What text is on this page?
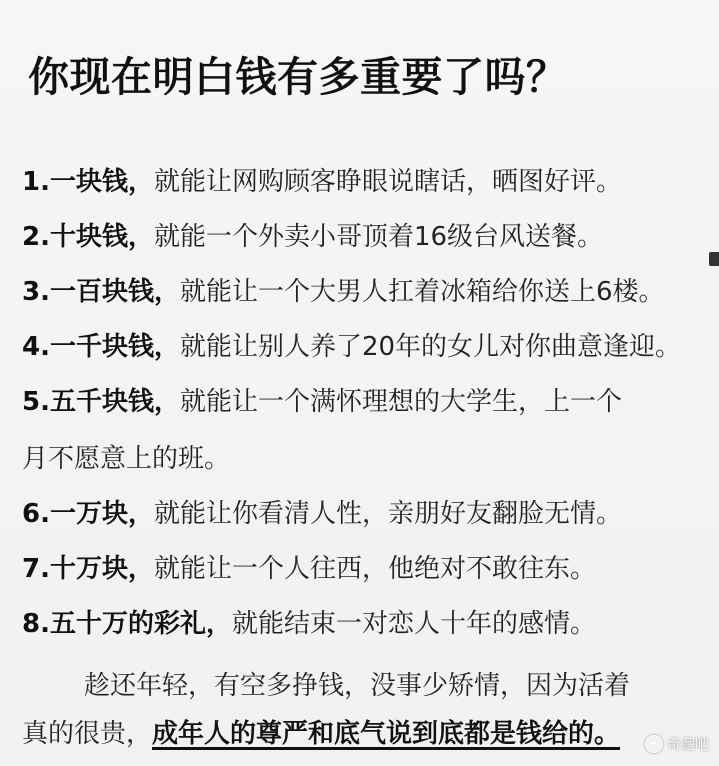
你现在明白钱有多重要了吗？
1.一块钱，就能让网购顾客睁眼说瞎话，晒图好评。
2.十块钱，就能一个外卖小哥顶着16级台风送餐。
3.一百块钱，就能让一个大男人扛着冰箱给你送上6楼。
4.一千块钱，就能让别人养了20年的女儿对你曲意逢迎。
5.五千块钱，就能让一个满怀理想的大学生，上一个
月不愿意上的班。
6.一万块，就能让你看清人性，亲朋好友翻脸无情。
7.十万块，就能让一个人往西，他绝对不敢往东。
8.五十万的彩礼，就能结束一对恋人十年的感情。
趁还年轻，有空多挣钱，没事少矫情，因为活着
真的很贵，成年人的尊严和底气说到底都是钱给的。	奇葩吧
